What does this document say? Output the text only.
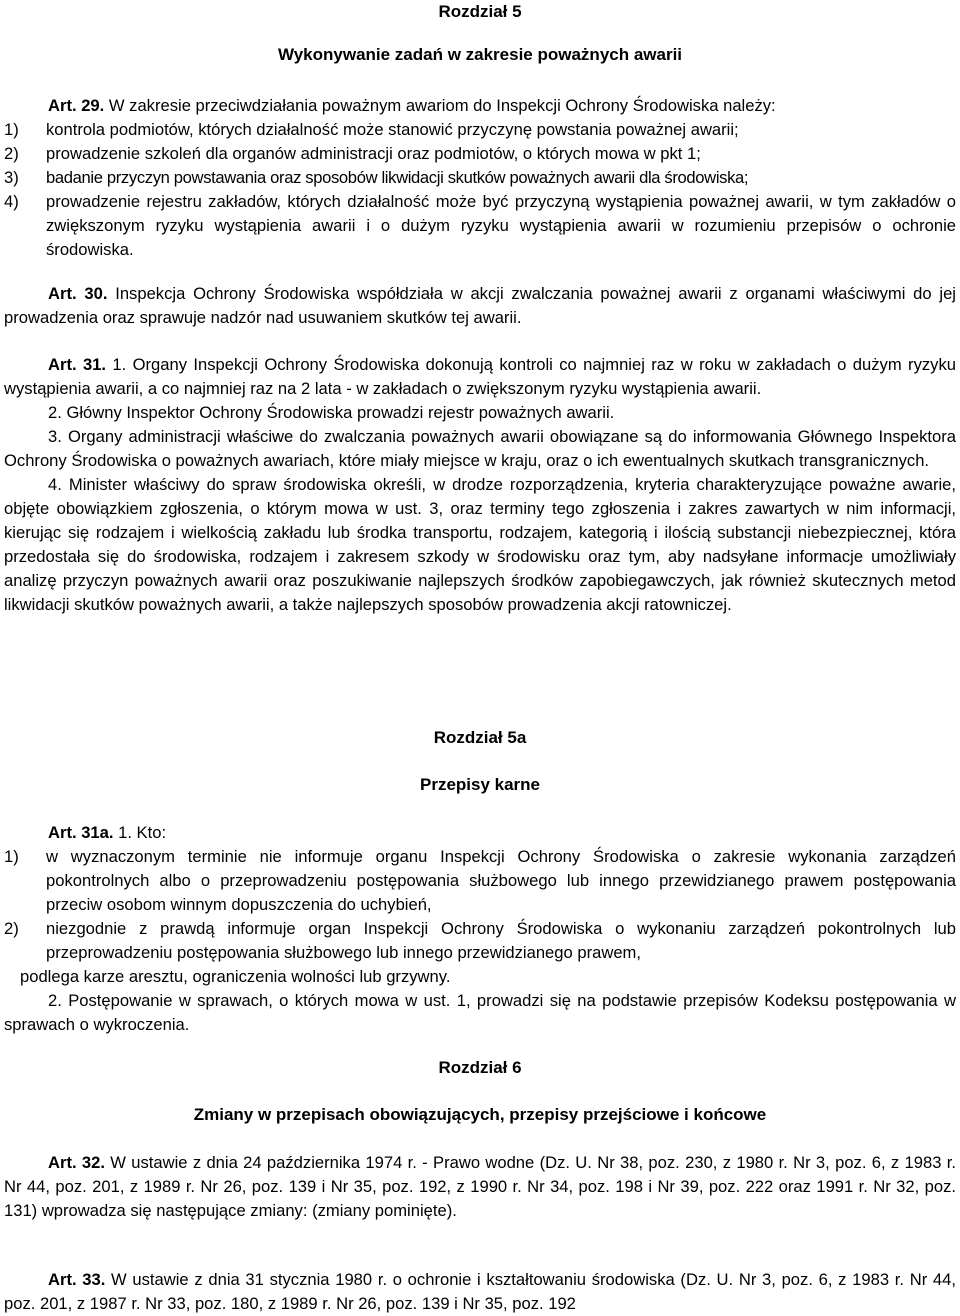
Rozdział 5
Wykonywanie zadań w zakresie poważnych awarii

Art. 29. W zakresie przeciwdziałania poważnym awariom do Inspekcji Ochrony Środowiska należy:

1)	kontrola podmiotów, których działalność może stanowić przyczynę powstania poważnej awarii;
2)	prowadzenie szkoleń dla organów administracji oraz podmiotów, o których mowa w pkt 1;
3)	badanie przyczyn powstawania oraz sposobów likwidacji skutków poważnych awarii dla środowiska;
4)	prowadzenie rejestru zakładów, których działalność może być przyczyną wystąpienia poważnej awarii, w tym zakładów o zwiększonym ryzyku wystąpienia awarii i o dużym ryzyku wystąpienia awarii w rozumieniu przepisów o ochronie środowiska.

Art. 30. Inspekcja Ochrony Środowiska współdziała w akcji zwalczania poważnej awarii z organami właściwymi do jej prowadzenia oraz sprawuje nadzór nad usuwaniem skutków tej awarii.

Art. 31. 1. Organy Inspekcji Ochrony Środowiska dokonują kontroli co najmniej raz w roku w zakładach o dużym ryzyku wystąpienia awarii, a co najmniej raz na 2 lata - w zakładach o zwiększonym ryzyku wystąpienia awarii.

2. Główny Inspektor Ochrony Środowiska prowadzi rejestr poważnych awarii.

3. Organy administracji właściwe do zwalczania poważnych awarii obowiązane są do informowania Głównego Inspektora Ochrony Środowiska o poważnych awariach, które miały miejsce w kraju, oraz o ich ewentualnych skutkach transgranicznych.

4. Minister właściwy do spraw środowiska określi, w drodze rozporządzenia, kryteria charakteryzujące poważne awarie, objęte obowiązkiem zgłoszenia, o którym mowa w ust. 3, oraz terminy tego zgłoszenia i zakres zawartych w nim informacji, kierując się rodzajem i wielkością zakładu lub środka transportu, rodzajem, kategorią i ilością substancji niebezpiecznej, która przedostała się do środowiska, rodzajem i zakresem szkody w środowisku oraz tym, aby nadsyłane informacje umożliwiały analizę przyczyn poważnych awarii oraz poszukiwanie najlepszych środków zapobiegawczych, jak również skutecznych metod likwidacji skutków poważnych awarii, a także najlepszych sposobów prowadzenia akcji ratowniczej.

Rozdział 5a
Przepisy karne

Art. 31a. 1. Kto:

1)	w wyznaczonym terminie nie informuje organu Inspekcji Ochrony Środowiska o zakresie wykonania zarządzeń pokontrolnych albo o przeprowadzeniu postępowania służbowego lub innego przewidzianego prawem postępowania przeciw osobom winnym dopuszczenia do uchybień,
2)	niezgodnie z prawdą informuje organ Inspekcji Ochrony Środowiska o wykonaniu zarządzeń pokontrolnych lub przeprowadzeniu postępowania służbowego lub innego przewidzianego prawem,

podlega karze aresztu, ograniczenia wolności lub grzywny.

2. Postępowanie w sprawach, o których mowa w ust. 1, prowadzi się na podstawie przepisów Kodeksu postępowania w sprawach o wykroczenia.

Rozdział 6
Zmiany w przepisach obowiązujących, przepisy przejściowe i końcowe

Art. 32. W ustawie z dnia 24 października 1974 r. - Prawo wodne (Dz. U. Nr 38, poz. 230, z 1980 r. Nr 3, poz. 6, z 1983 r. Nr 44, poz. 201, z 1989 r. Nr 26, poz. 139 i Nr 35, poz. 192, z 1990 r. Nr 34, poz. 198 i Nr 39, poz. 222 oraz 1991 r. Nr 32, poz. 131) wprowadza się następujące zmiany: (zmiany pominięte).

Art. 33. W ustawie z dnia 31 stycznia 1980 r. o ochronie i kształtowaniu środowiska (Dz. U. Nr 3, poz. 6, z 1983 r. Nr 44, poz. 201, z 1987 r. Nr 33, poz. 180, z 1989 r. Nr 26, poz. 139 i Nr 35, poz. 192
